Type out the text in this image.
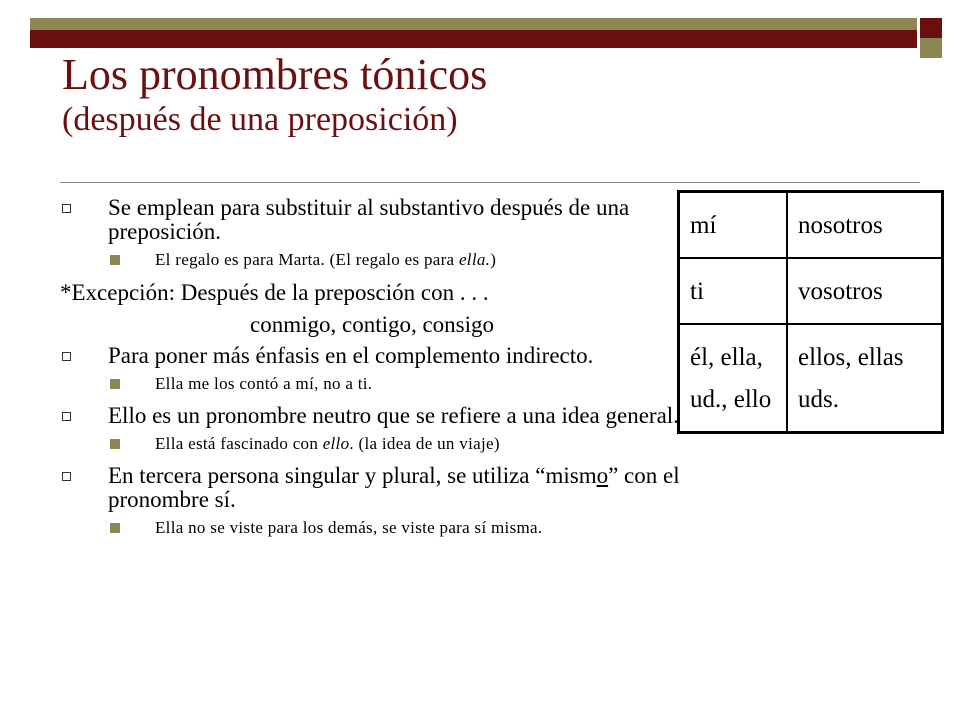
Los pronombres tónicos
(después de una preposición)
Se emplean para substituir al substantivo después de una preposición.
El regalo es para Marta. (El regalo es para ella.)
*Excepción: Después de la preposción con . . .
conmigo, contigo, consigo
Para poner más énfasis en el complemento indirecto.
Ella me los contó a mí, no a ti.
Ello es un pronombre neutro que se refiere a una idea general.
Ella está fascinado con ello. (la idea de un viaje)
En tercera persona singular y plural, se utiliza “mismo” con el pronombre sí.
Ella no se viste para los demás, se viste para sí misma.
mí	nosotros
ti	vosotros
él, ella, ud., ello	ellos, ellas uds.
